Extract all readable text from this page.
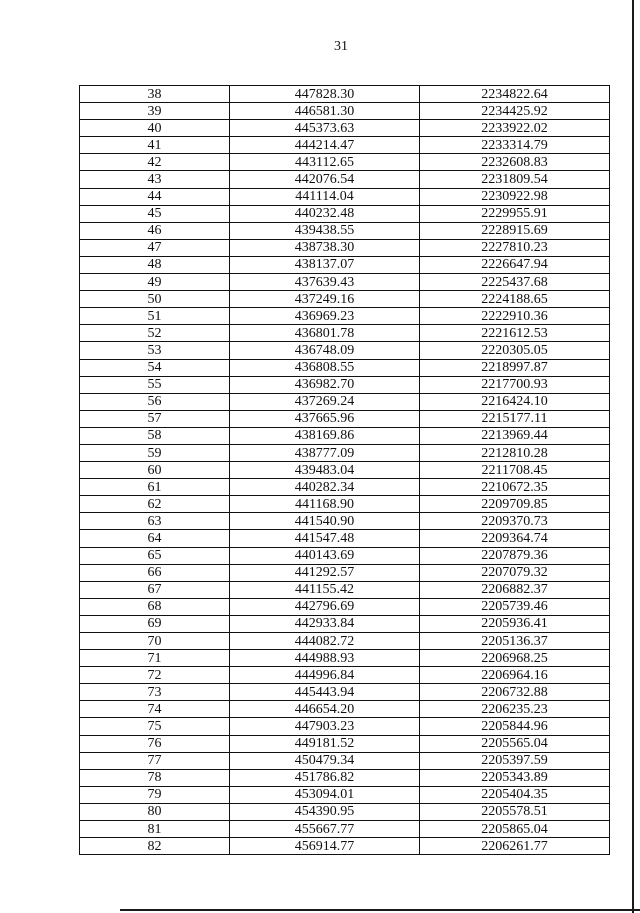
31
38	447828.30	2234822.64
39	446581.30	2234425.92
40	445373.63	2233922.02
41	444214.47	2233314.79
42	443112.65	2232608.83
43	442076.54	2231809.54
44	441114.04	2230922.98
45	440232.48	2229955.91
46	439438.55	2228915.69
47	438738.30	2227810.23
48	438137.07	2226647.94
49	437639.43	2225437.68
50	437249.16	2224188.65
51	436969.23	2222910.36
52	436801.78	2221612.53
53	436748.09	2220305.05
54	436808.55	2218997.87
55	436982.70	2217700.93
56	437269.24	2216424.10
57	437665.96	2215177.11
58	438169.86	2213969.44
59	438777.09	2212810.28
60	439483.04	2211708.45
61	440282.34	2210672.35
62	441168.90	2209709.85
63	441540.90	2209370.73
64	441547.48	2209364.74
65	440143.69	2207879.36
66	441292.57	2207079.32
67	441155.42	2206882.37
68	442796.69	2205739.46
69	442933.84	2205936.41
70	444082.72	2205136.37
71	444988.93	2206968.25
72	444996.84	2206964.16
73	445443.94	2206732.88
74	446654.20	2206235.23
75	447903.23	2205844.96
76	449181.52	2205565.04
77	450479.34	2205397.59
78	451786.82	2205343.89
79	453094.01	2205404.35
80	454390.95	2205578.51
81	455667.77	2205865.04
82	456914.77	2206261.77
